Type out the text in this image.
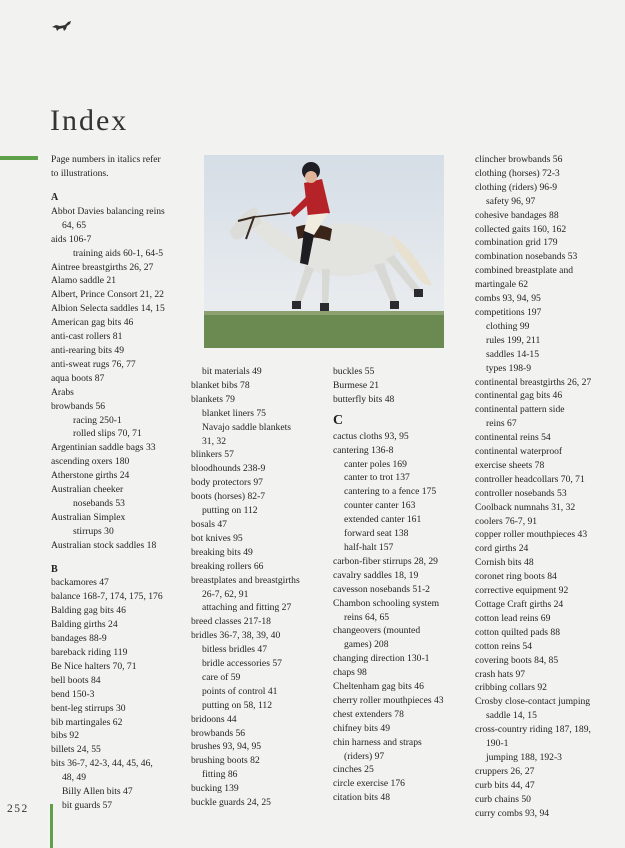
Index
252
Page numbers in italics refer
to illustrations.
A
Abbot Davies balancing reins
64, 65
aids 106-7
training aids 60-1, 64-5
Aintree breastgirths 26, 27
Alamo saddle 21
Albert, Prince Consort 21, 22
Albion Selecta saddles 14, 15
American gag bits 46
anti-cast rollers 81
anti-rearing bits 49
anti-sweat rugs 76, 77
aqua boots 87
Arabs
browbands 56
racing 250-1
rolled slips 70, 71
Argentinian saddle bags 33
ascending oxers 180
Atherstone girths 24
Australian cheeker
nosebands 53
Australian Simplex
stirrups 30
Australian stock saddles 18
B
backamores 47
balance 168-7, 174, 175, 176
Balding gag bits 46
Balding girths 24
bandages 88-9
bareback riding 119
Be Nice halters 70, 71
bell boots 84
bend 150-3
bent-leg stirrups 30
bib martingales 62
bibs 92
billets 24, 55
bits 36-7, 42-3, 44, 45, 46,
48, 49
Billy Allen bits 47
bit guards 57
bit materials 49
blanket bibs 78
blankets 79
blanket liners 75
Navajo saddle blankets
31, 32
blinkers 57
bloodhounds 238-9
body protectors 97
boots (horses) 82-7
putting on 112
bosals 47
bot knives 95
breaking bits 49
breaking rollers 66
breastplates and breastgirths
26-7, 62, 91
attaching and fitting 27
breed classes 217-18
bridles 36-7, 38, 39, 40
bitless bridles 47
bridle accessories 57
care of 59
points of control 41
putting on 58, 112
bridoons 44
browbands 56
brushes 93, 94, 95
brushing boots 82
fitting 86
bucking 139
buckle guards 24, 25
buckles 55
Burmese 21
butterfly bits 48
C
cactus cloths 93, 95
cantering 136-8
canter poles 169
canter to trot 137
cantering to a fence 175
counter canter 163
extended canter 161
forward seat 138
half-halt 157
carbon-fiber stirrups 28, 29
cavalry saddles 18, 19
cavesson nosebands 51-2
Chambon schooling system
reins 64, 65
changeovers (mounted
games) 208
changing direction 130-1
chaps 98
Cheltenham gag bits 46
cherry roller mouthpieces 43
chest extenders 78
chifney bits 49
chin harness and straps
(riders) 97
cinches 25
circle exercise 176
citation bits 48
clincher browbands 56
clothing (horses) 72-3
clothing (riders) 96-9
safety 96, 97
cohesive bandages 88
collected gaits 160, 162
combination grid 179
combination nosebands 53
combined breastplate and
martingale 62
combs 93, 94, 95
competitions 197
clothing 99
rules 199, 211
saddles 14-15
types 198-9
continental breastgirths 26, 27
continental gag bits 46
continental pattern side
reins 67
continental reins 54
continental waterproof
exercise sheets 78
controller headcollars 70, 71
controller nosebands 53
Coolback numnahs 31, 32
coolers 76-7, 91
copper roller mouthpieces 43
cord girths 24
Cornish bits 48
coronet ring boots 84
corrective equipment 92
Cottage Craft girths 24
cotton lead reins 69
cotton quilted pads 88
cotton reins 54
covering boots 84, 85
crash hats 97
cribbing collars 92
Crosby close-contact jumping
saddle 14, 15
cross-country riding 187, 189,
190-1
jumping 188, 192-3
cruppers 26, 27
curb bits 44, 47
curb chains 50
curry combs 93, 94
